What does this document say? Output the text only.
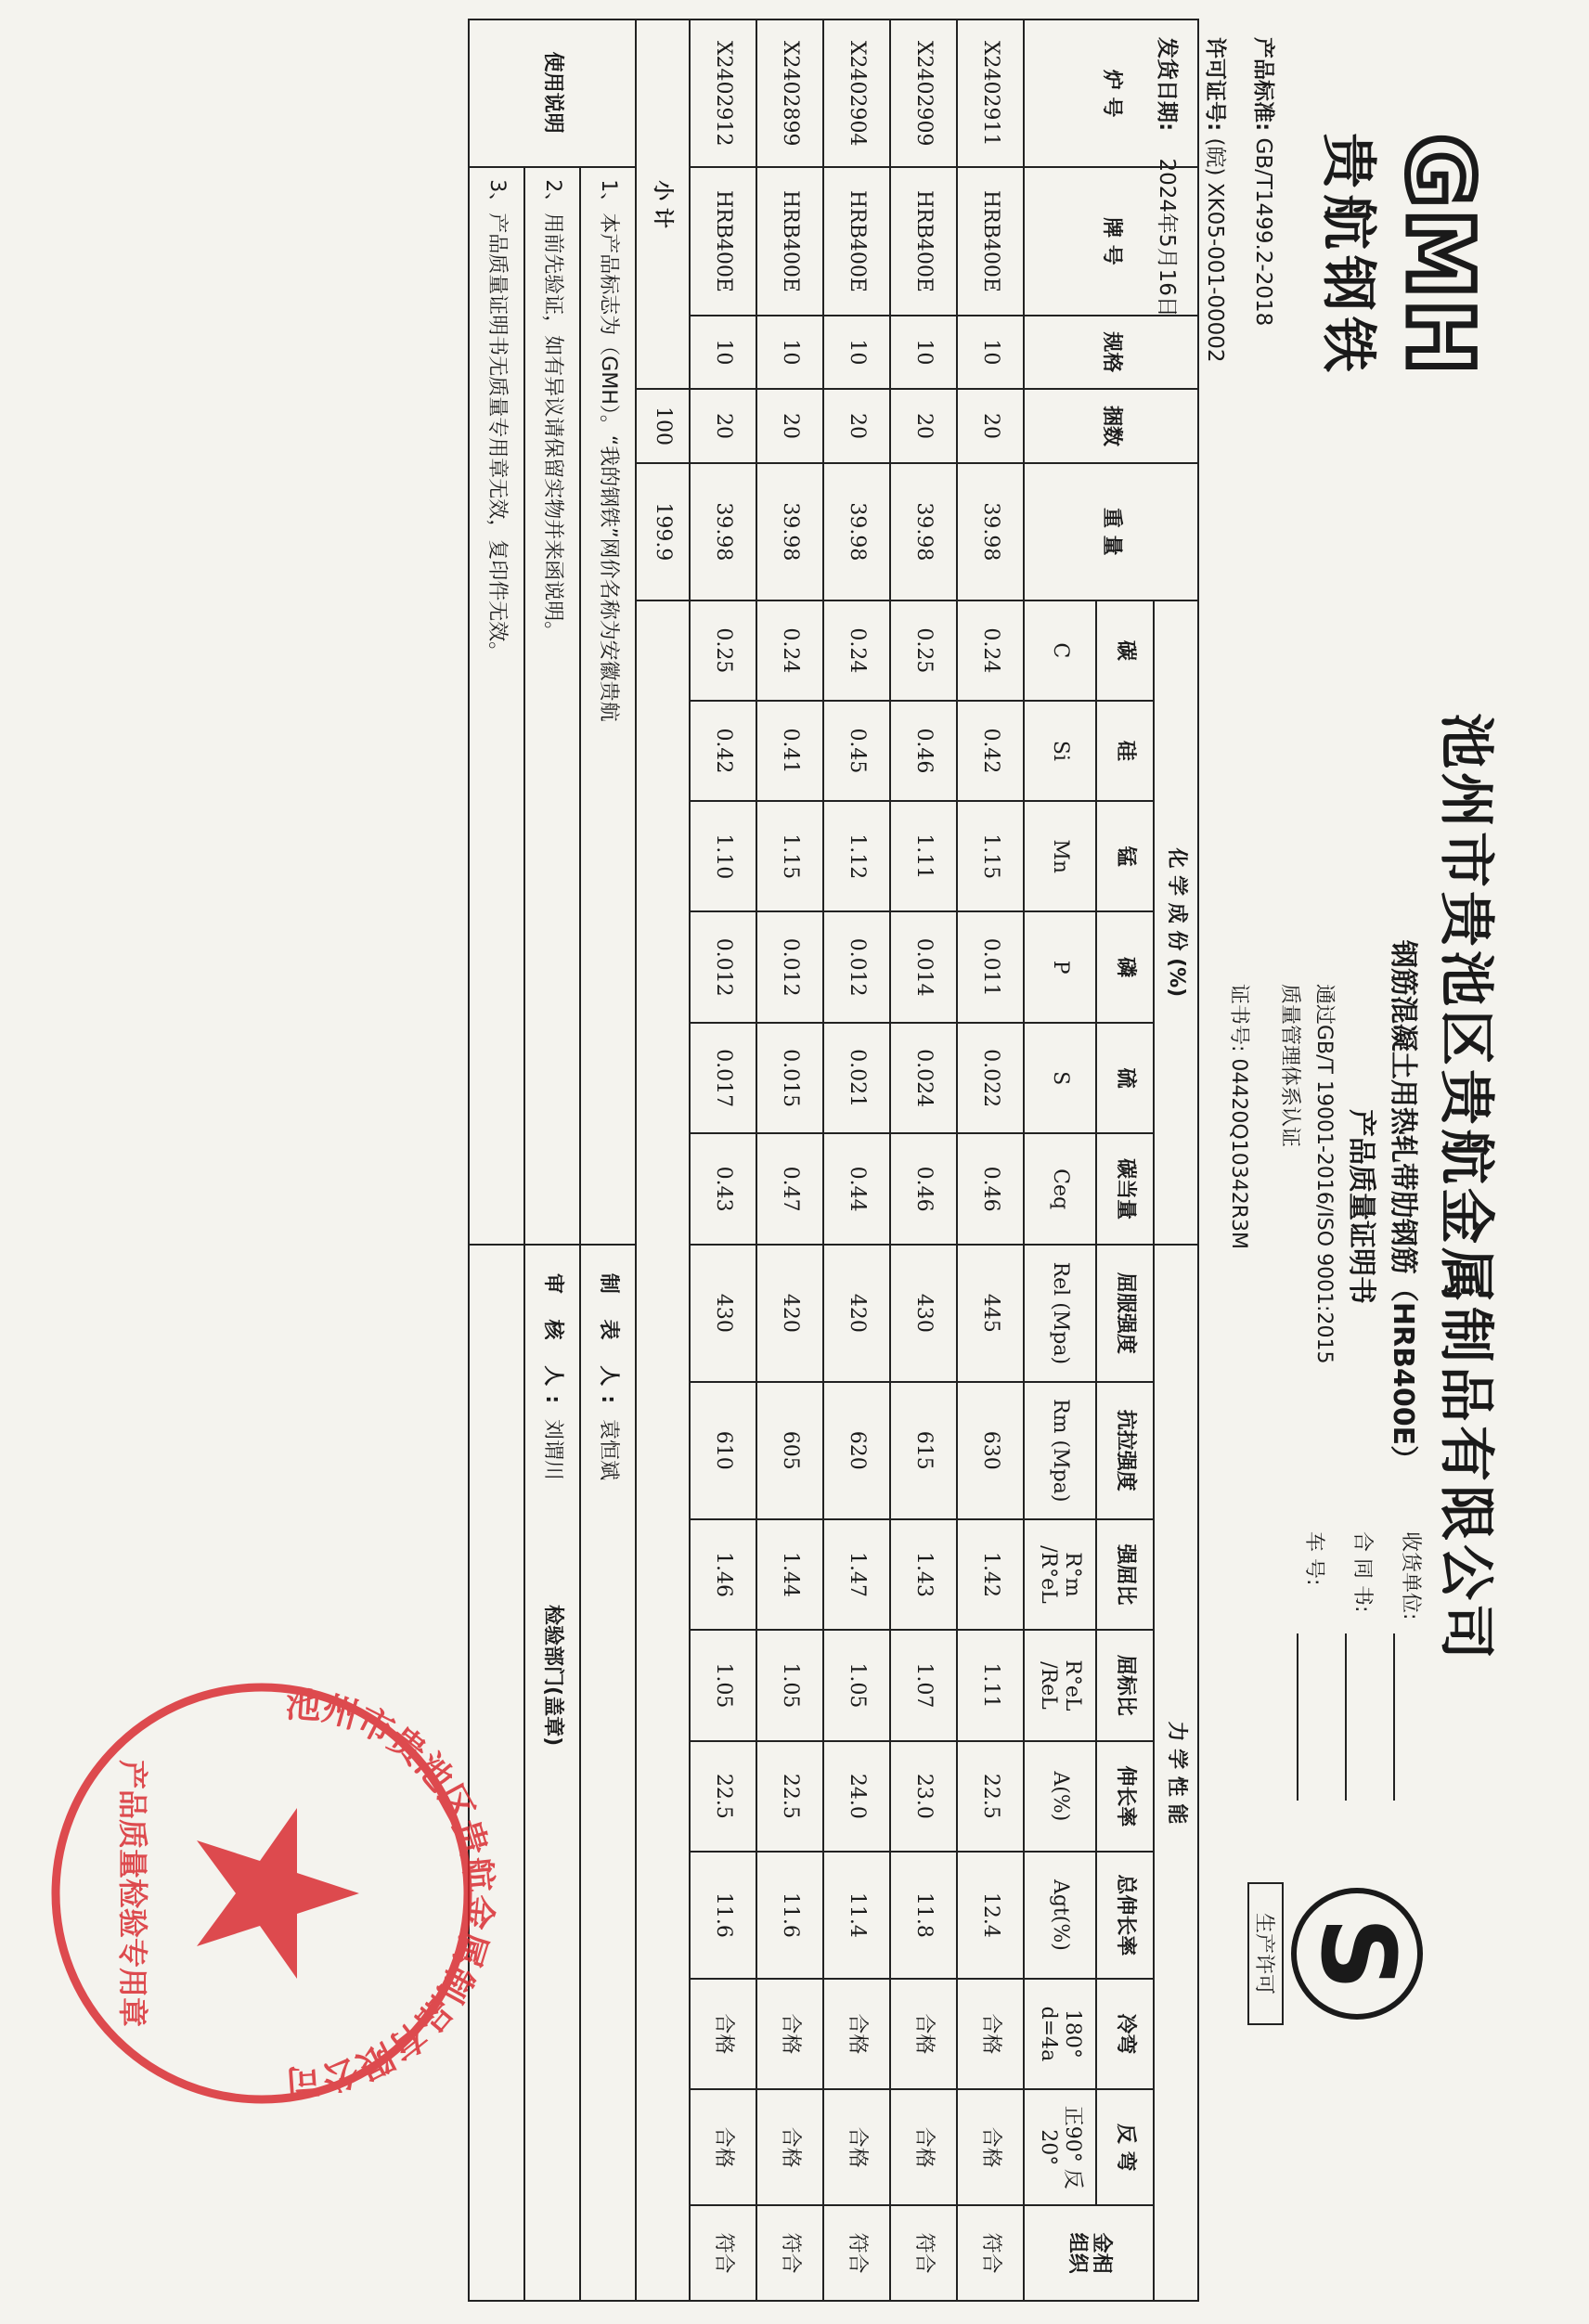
GMH
贵航钢铁
产品标准: GB/T1499.2-2018
许可证号: (皖) XK05-001-00002
发货日期:    2024年5月16日
池州市贵池区贵航金属制品有限公司
钢筋混凝土用热轧带肋钢筋（HRB400E）
产品质量证明书
通过GB/T 19001-2016/ISO 9001:2015
质量管理体系认证
证书号: 04420Q10342R3M
S
生产许可
收货单位:
合 同 书:
车 号:
炉 号	牌 号	规格	捆数	重 量	化 学 成 份 (%)						力 学 性 能								
					碳	硅	锰	磷	硫	碳当量	屈服强度	抗拉强度	强屈比	屈标比	伸长率	总伸长率	冷弯	反 弯	金相
组织
					C	Si	Mn	P	S	Ceq	Rel (Mpa)	Rm (Mpa)	R°m /R°eL	R°eL /ReL	A(%)	Agt(%)	180° d=4a	正90° 反20°	
X2402911	HRB400E	10	20	39.98	0.24	0.42	1.15	0.011	0.022	0.46	445	630	1.42	1.11	22.5	12.4	合格	合格	符合
X2402909	HRB400E	10	20	39.98	0.25	0.46	1.11	0.014	0.024	0.46	430	615	1.43	1.07	23.0	11.8	合格	合格	符合
X2402904	HRB400E	10	20	39.98	0.24	0.45	1.12	0.012	0.021	0.44	420	620	1.47	1.05	24.0	11.4	合格	合格	符合
X2402899	HRB400E	10	20	39.98	0.24	0.41	1.15	0.012	0.015	0.47	420	605	1.44	1.05	22.5	11.6	合格	合格	符合
X2402912	HRB400E	10	20	39.98	0.25	0.42	1.10	0.012	0.017	0.43	430	610	1.46	1.05	22.5	11.6	合格	合格	符合
小 计			100	199.9															
使用说明	1、本产品标志为（GMH）。“我的钢铁”网价名称为安徽贵航										制 表 人: 袁恒斌								
	2、用前先验证，如有异议请保留实物并来函说明。										审 核 人: 刘谓川  检验部门(盖章)								
	3、产品质量证明书无质量专用章无效，复印件无效。																		
池州市贵池区贵航金属制品有限公司
产品质量检验专用章
